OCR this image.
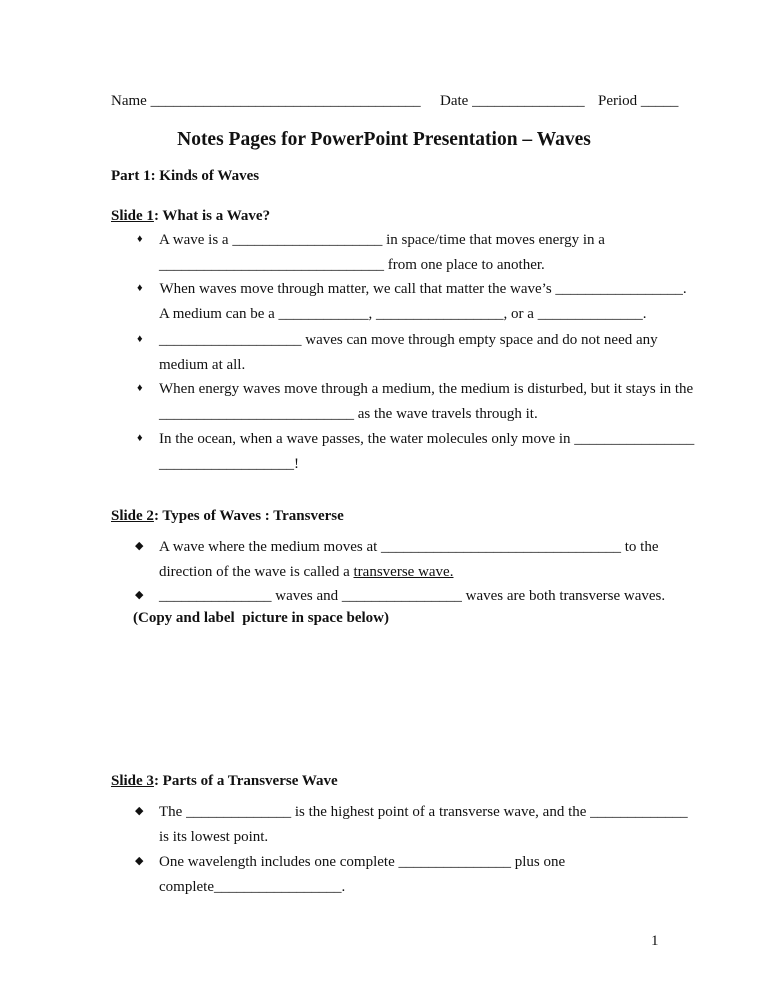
Name ____________________________________ Date _______________ Period _____
Notes Pages for PowerPoint Presentation – Waves
Part 1: Kinds of Waves
Slide 1: What is a Wave?
♦ A wave is a ____________________ in space/time that moves energy in a
______________________________ from one place to another.
♦ When waves move through matter, we call that matter the wave’s _________________.
A medium can be a ____________, _________________, or a ______________.
♦ ___________________ waves can move through empty space and do not need any
medium at all.
♦ When energy waves move through a medium, the medium is disturbed, but it stays in the
__________________________ as the wave travels through it.
♦ In the ocean, when a wave passes, the water molecules only move in ________________
__________________!
Slide 2: Types of Waves : Transverse
◆ A wave where the medium moves at ________________________________ to the
direction of the wave is called a transverse wave.
◆ _______________ waves and ________________ waves are both transverse waves.
(Copy and label  picture in space below)
Slide 3: Parts of a Transverse Wave
◆ The ______________ is the highest point of a transverse wave, and the _____________
is its lowest point.
◆ One wavelength includes one complete _______________ plus one
complete_________________.
1
